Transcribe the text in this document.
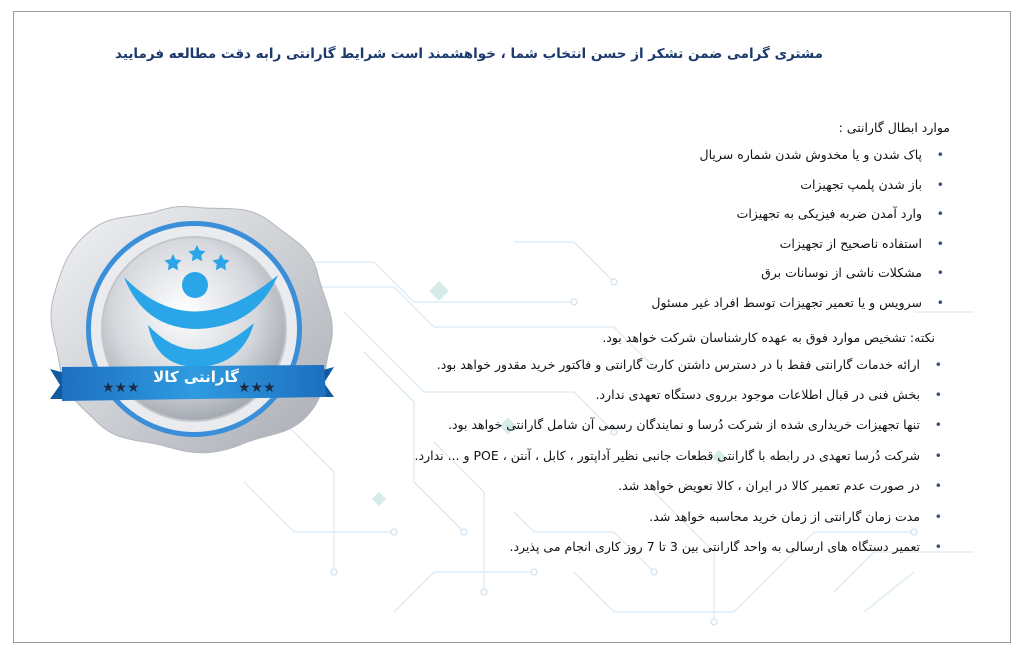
مشتری گرامی ضمن تشکر از حسن انتخاب شما ، خواهشمند است شرایط گارانتی رابه دقت مطالعه فرمایید
★★★	★★★
گارانتی کالا
موارد ابطال گارانتی :
• پاک شدن و یا مخدوش شدن شماره سریال
• باز شدن پلمپ تجهیزات
• وارد آمدن ضربه فیزیکی به تجهیزات
• استفاده ناصحیح از تجهیزات
• مشکلات ناشی از نوسانات برق
• سرویس و یا تعمیر تجهیزات توسط افراد غیر مسئول
نکته: تشخیص موارد فوق به عهده کارشناسان شرکت خواهد بود.
• ارائه خدمات گارانتی فقط با در دسترس داشتن کارت گارانتی و فاکتور خرید مقدور خواهد بود.
• بخش فنی در قبال اطلاعات موجود برروی دستگاه تعهدی ندارد.
• تنها تجهیزات خریداری شده از شرکت دُرسا و نمایندگان رسمی آن شامل گارانتی خواهد بود.
• شرکت دُرسا تعهدی در رابطه با گارانتی قطعات جانبی نظیر آداپتور ، کابل ، آنتن ، POE و ... ندارد.
• در صورت عدم تعمیر کالا در ایران ، کالا تعویض خواهد شد.
• مدت زمان گارانتی از زمان خرید محاسبه خواهد شد.
• تعمیر دستگاه های ارسالی به واحد گارانتی بین 3 تا 7 روز کاری انجام می پذیرد.
